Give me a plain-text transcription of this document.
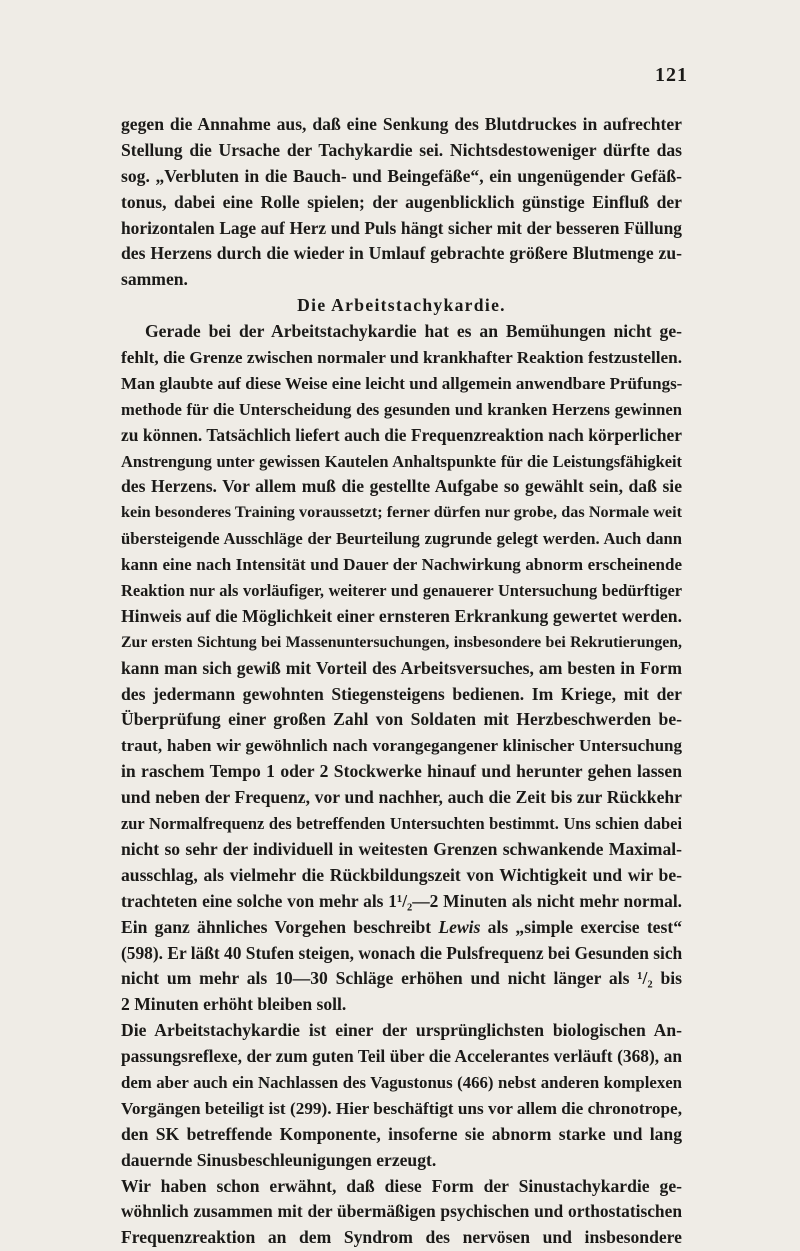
121
gegen die Annahme aus, daß eine Senkung des Blutdruckes in aufrechter
Stellung die Ursache der Tachykardie sei. Nichtsdestoweniger dürfte das
sog. „Verbluten in die Bauch- und Beingefäße“, ein ungenügender Gefäß-
tonus, dabei eine Rolle spielen; der augenblicklich günstige Einfluß der
horizontalen Lage auf Herz und Puls hängt sicher mit der besseren Füllung
des Herzens durch die wieder in Umlauf gebrachte größere Blutmenge zu-
sammen.
Die Arbeitstachykardie.
Gerade bei der Arbeitstachykardie hat es an Bemühungen nicht ge-
fehlt, die Grenze zwischen normaler und krankhafter Reaktion festzustellen.
Man glaubte auf diese Weise eine leicht und allgemein anwendbare Prüfungs-
methode für die Unterscheidung des gesunden und kranken Herzens gewinnen
zu können. Tatsächlich liefert auch die Frequenzreaktion nach körperlicher
Anstrengung unter gewissen Kautelen Anhaltspunkte für die Leistungsfähigkeit
des Herzens. Vor allem muß die gestellte Aufgabe so gewählt sein, daß sie
kein besonderes Training voraussetzt; ferner dürfen nur grobe, das Normale weit
übersteigende Ausschläge der Beurteilung zugrunde gelegt werden. Auch dann
kann eine nach Intensität und Dauer der Nachwirkung abnorm erscheinende
Reaktion nur als vorläufiger, weiterer und genauerer Untersuchung bedürftiger
Hinweis auf die Möglichkeit einer ernsteren Erkrankung gewertet werden.
Zur ersten Sichtung bei Massenuntersuchungen, insbesondere bei Rekrutierungen,
kann man sich gewiß mit Vorteil des Arbeitsversuches, am besten in Form
des jedermann gewohnten Stiegensteigens bedienen. Im Kriege, mit der
Überprüfung einer großen Zahl von Soldaten mit Herzbeschwerden be-
traut, haben wir gewöhnlich nach vorangegangener klinischer Untersuchung
in raschem Tempo 1 oder 2 Stockwerke hinauf und herunter gehen lassen
und neben der Frequenz, vor und nachher, auch die Zeit bis zur Rückkehr
zur Normalfrequenz des betreffenden Untersuchten bestimmt. Uns schien dabei
nicht so sehr der individuell in weitesten Grenzen schwankende Maximal-
ausschlag, als vielmehr die Rückbildungszeit von Wichtigkeit und wir be-
trachteten eine solche von mehr als 1¹/₂—2 Minuten als nicht mehr normal.
Ein ganz ähnliches Vorgehen beschreibt Lewis als „simple exercise test“
(598). Er läßt 40 Stufen steigen, wonach die Pulsfrequenz bei Gesunden sich
nicht um mehr als 10—30 Schläge erhöhen und nicht länger als ¹/₂ bis
2 Minuten erhöht bleiben soll.
Die Arbeitstachykardie ist einer der ursprünglichsten biologischen An-
passungsreflexe, der zum guten Teil über die Accelerantes verläuft (368), an
dem aber auch ein Nachlassen des Vagustonus (466) nebst anderen komplexen
Vorgängen beteiligt ist (299). Hier beschäftigt uns vor allem die chronotrope,
den SK betreffende Komponente, insoferne sie abnorm starke und lang
dauernde Sinusbeschleunigungen erzeugt.
Wir haben schon erwähnt, daß diese Form der Sinustachykardie ge-
wöhnlich zusammen mit der übermäßigen psychischen und orthostatischen
Frequenzreaktion an dem Syndrom des nervösen und insbesondere
